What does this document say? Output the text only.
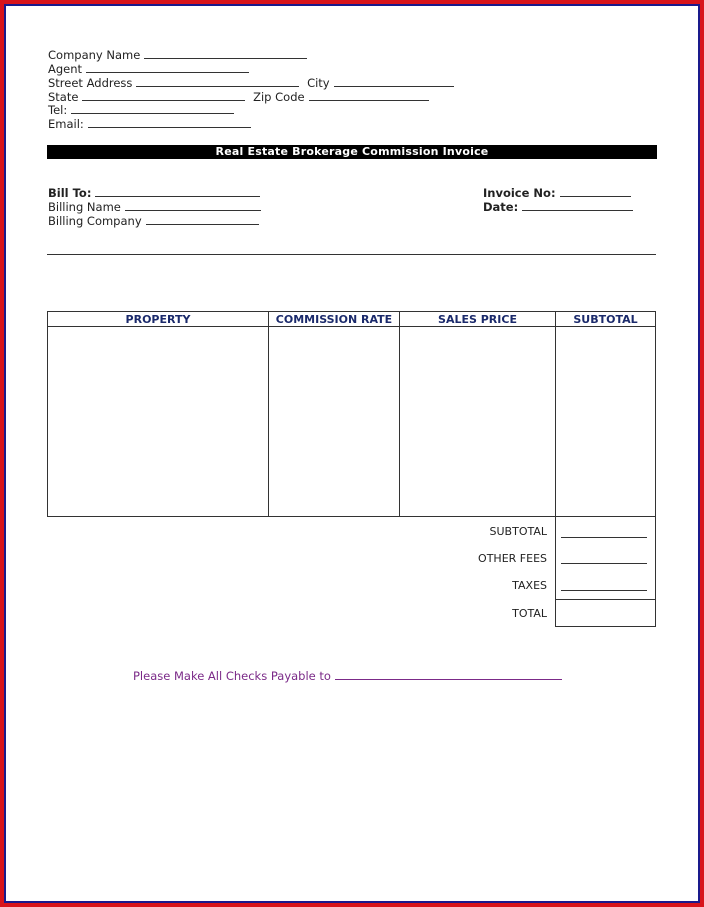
Company Name
Agent
Street Address	City
State	Zip Code
Tel:
Email:
Real Estate Brokerage Commission Invoice
Bill To:
Billing Name
Billing Company
Invoice No:
Date:
PROPERTY	COMMISSION RATE	SALES PRICE	SUBTOTAL
SUBTOTAL
OTHER FEES
TAXES
TOTAL
Please Make All Checks Payable to
